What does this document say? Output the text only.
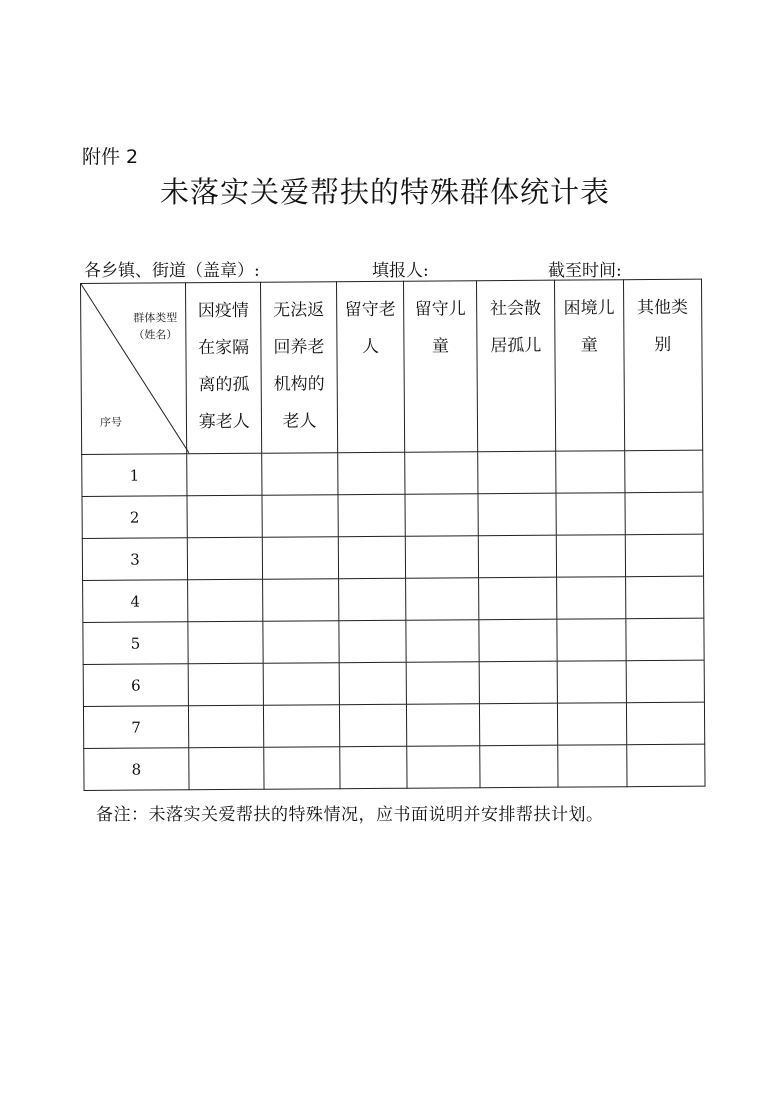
附件 2
未落实关爱帮扶的特殊群体统计表
各乡镇、街道（盖章）:	填报人:	截至时间:
群体类型（姓名）
序号	因疫情在家隔离的孤寡老人	无法返回养老机构的老人	留守老人	留守儿童	社会散居孤儿	困境儿童	其他类别

1							
2							
3							
4							
5							
6							
7							
8							
备注：未落实关爱帮扶的特殊情况，应书面说明并安排帮扶计划。
